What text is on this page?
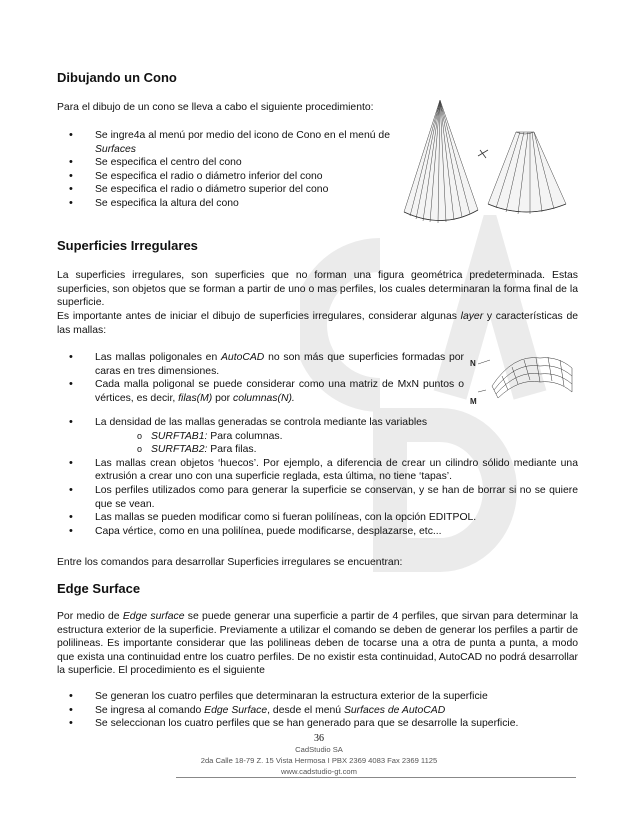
Dibujando un Cono
Para el dibujo de un cono se lleva a cabo el siguiente procedimiento:
• Se ingre4a al menú por medio del icono de Cono en el menú de Surfaces
• Se especifica el centro del cono
• Se especifica el radio o diámetro inferior del cono
• Se especifica el radio o diámetro superior del cono
• Se especifica la altura del cono
Superficies Irregulares
La superficies irregulares, son superficies que no forman una figura geométrica predeterminada. Estas superficies, son objetos que se forman a partir de uno o mas perfiles, los cuales determinaran la forma final de la superficie.
Es importante antes de iniciar el dibujo de superficies irregulares, considerar algunas layer y características de las mallas:
• Las mallas poligonales en AutoCAD no son más que superficies formadas por caras en tres dimensiones.
• Cada malla poligonal se puede considerar como una matriz de MxN puntos o vértices, es decir, filas(M) por columnas(N).
N
M
• La densidad de las mallas generadas se controla mediante las variables
o SURFTAB1: Para columnas.
o SURFTAB2: Para filas.
• Las mallas crean objetos ‘huecos’. Por ejemplo, a diferencia de crear un cilindro sólido mediante una extrusión a crear uno con una superficie reglada, esta última, no tiene ‘tapas’.
• Los perfiles utilizados como para generar la superficie se conservan, y se han de borrar si no se quiere que se vean.
• Las mallas se pueden modificar como si fueran polilíneas, con la opción EDITPOL.
• Capa vértice, como en una polilínea, puede modificarse, desplazarse, etc...
Entre los comandos para desarrollar Superficies irregulares se encuentran:
Edge Surface
Por medio de Edge surface se puede generar una superficie a partir de 4 perfiles, que sirvan para determinar la estructura exterior de la superficie. Previamente a utilizar el comando se deben de generar los perfiles a partir de polilineas. Es importante considerar que las polilineas deben de tocarse una a otra de punta a punta, a modo que exista una continuidad entre los cuatro perfiles. De no existir esta continuidad, AutoCAD no podrá desarrollar la superficie. El procedimiento es el siguiente
• Se generan los cuatro perfiles que determinaran la estructura exterior de la superficie
• Se ingresa al comando Edge Surface, desde el menú Surfaces de AutoCAD
• Se seleccionan los cuatro perfiles que se han generado para que se desarrolle la superficie.
36
CadStudio SA
2da Calle 18-79 Z. 15 Vista Hermosa I PBX 2369 4083 Fax 2369 1125
www.cadstudio-gt.com
